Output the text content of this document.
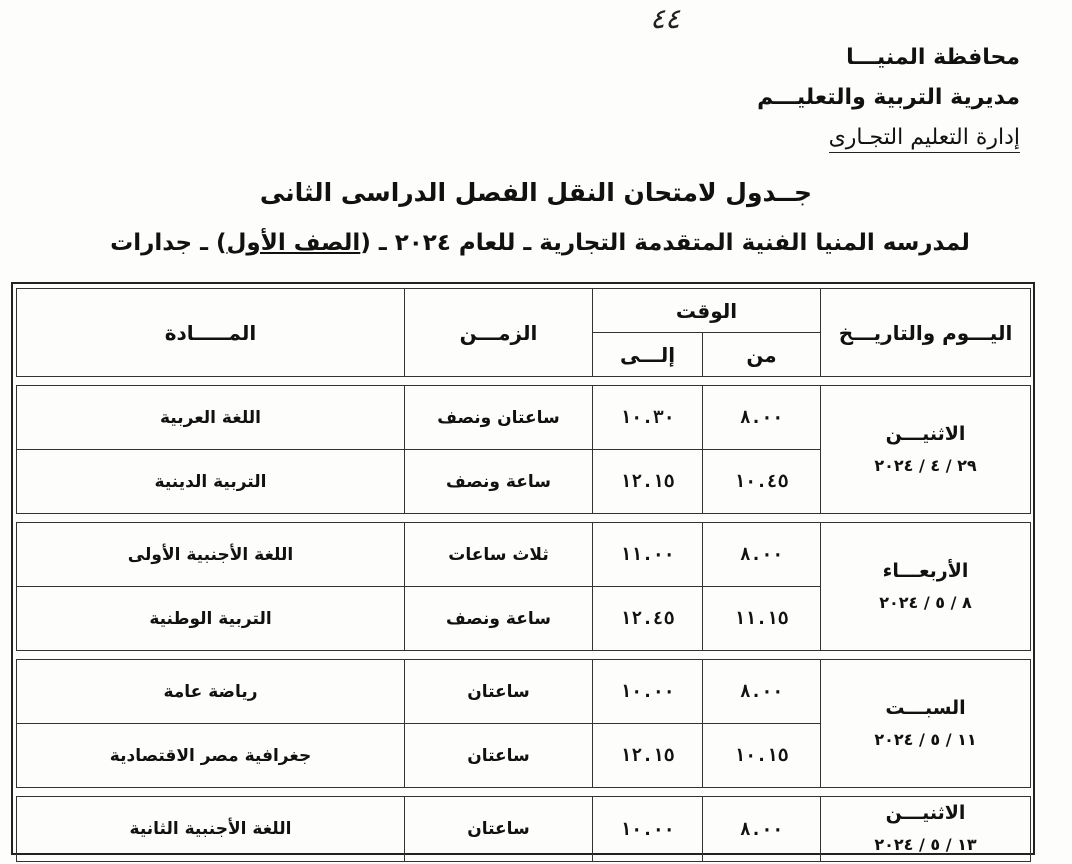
٤٤
محافظة المنيـــا
مديرية التربية والتعليـــم
إدارة التعليم التجـارى
جــدول لامتحان النقل الفصل الدراسى الثانى
لمدرسه المنيا الفنية المتقدمة التجارية ـ للعام ٢٠٢٤ ـ (الصف الأول) ـ جدارات
اليـــوم والتاريـــخ	الوقت		الزمـــن	المـــــادة
	من	إلـــى		

الاثنيـــن
٢٩ / ٤ / ٢٠٢٤	٨.٠٠	١٠.٣٠	ساعتان ونصف	اللغة العربية
	١٠.٤٥	١٢.١٥	ساعة ونصف	التربية الدينية

الأربعـــاء
٨ / ٥ / ٢٠٢٤	٨.٠٠	١١.٠٠	ثلاث ساعات	اللغة الأجنبية الأولى
	١١.١٥	١٢.٤٥	ساعة ونصف	التربية الوطنية

السبـــت
١١ / ٥ / ٢٠٢٤	٨.٠٠	١٠.٠٠	ساعتان	رياضة عامة
	١٠.١٥	١٢.١٥	ساعتان	جغرافية مصر الاقتصادية

الاثنيـــن
١٣ / ٥ / ٢٠٢٤	٨.٠٠	١٠.٠٠	ساعتان	اللغة الأجنبية الثانية
